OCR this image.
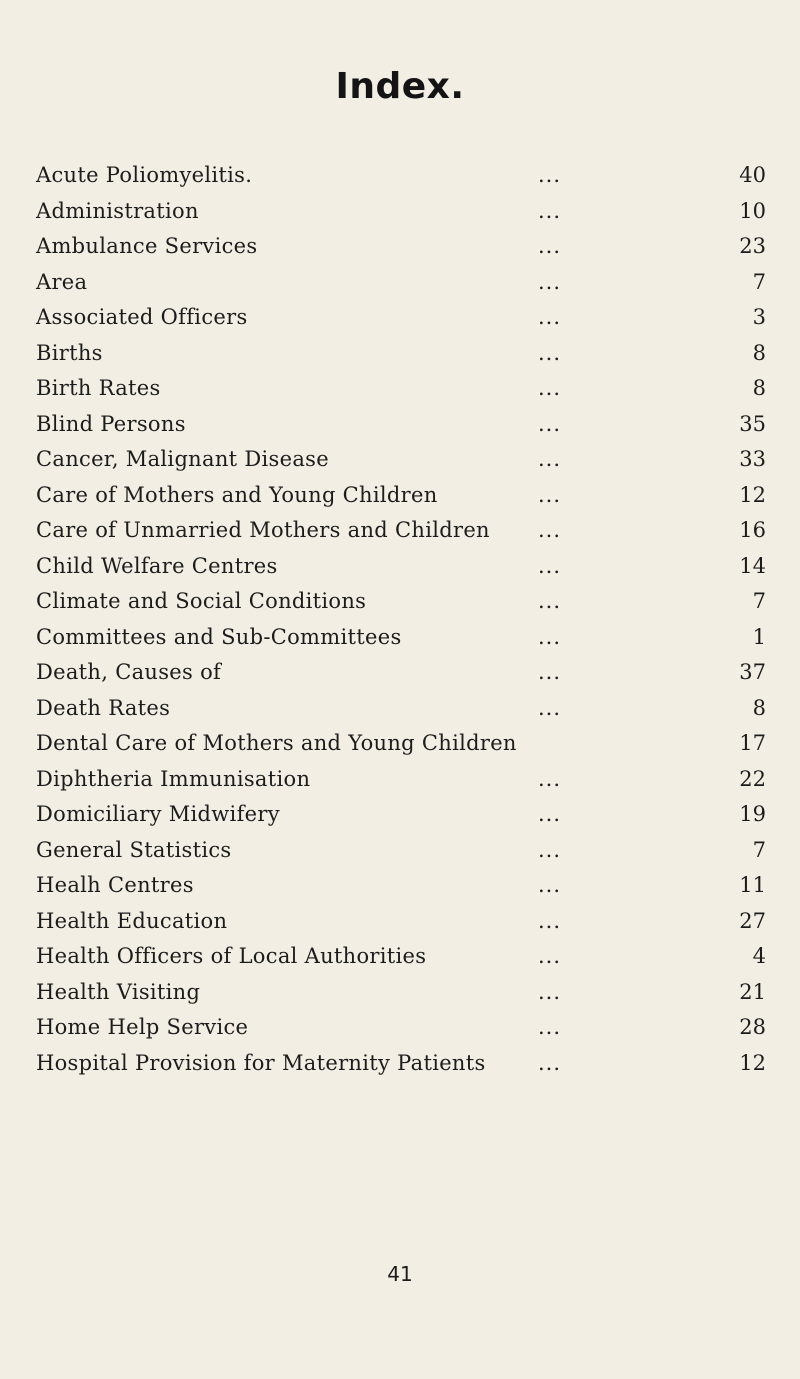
Index.
Acute Poliomyelitis.	...	40
Administration	...	10
Ambulance Services	...	23
Area	...	7
Associated Officers	...	3
Births	...	8
Birth Rates	...	8
Blind Persons	...	35
Cancer, Malignant Disease	...	33
Care of Mothers and Young Children	...	12
Care of Unmarried Mothers and Children ...	16
Child Welfare Centres	...	14
Climate and Social Conditions	...	7
Committees and Sub-Committees	...	1
Death, Causes of	...	37
Death Rates	...	8
Dental Care of Mothers and Young Children	17
Diphtheria Immunisation	...	22
Domiciliary Midwifery	...	19
General Statistics	...	7
Healh Centres	...	11
Health Education	...	27
Health Officers of Local Authorities	...	4
Health Visiting	...	21
Home Help Service	...	28
Hospital Provision for Maternity Patients ...	12
41
